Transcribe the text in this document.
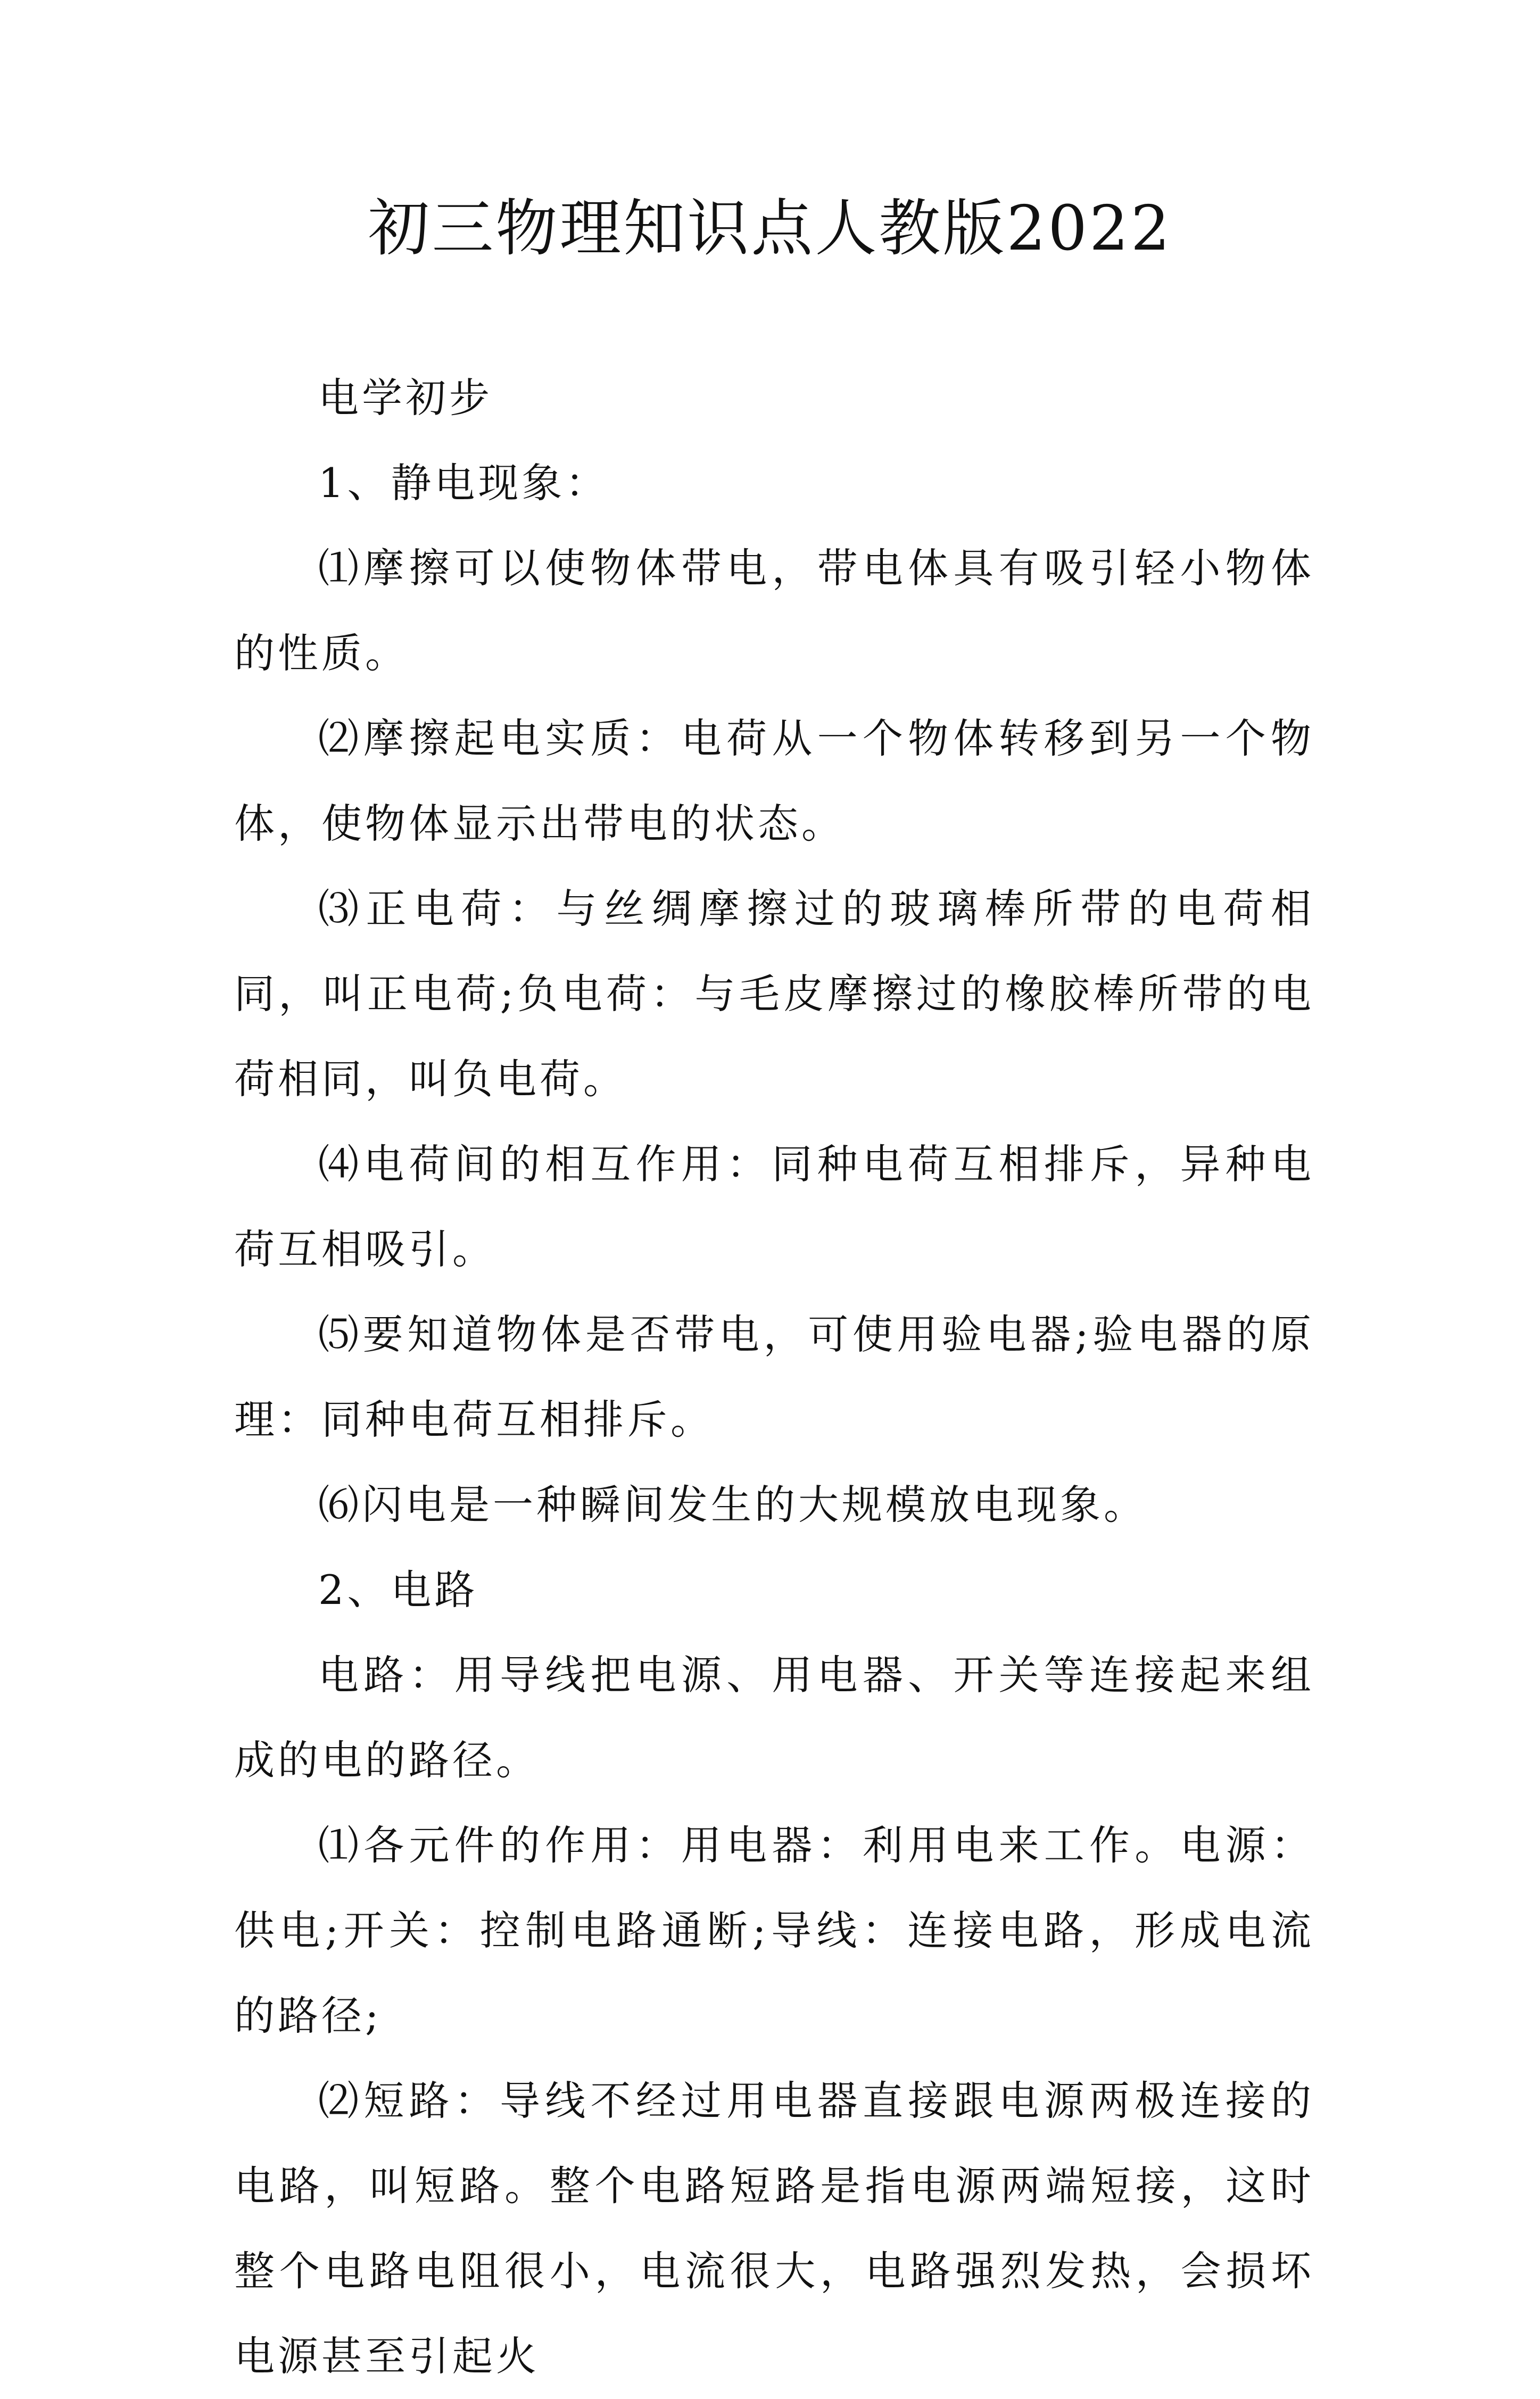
初三物理知识点人教版2022

电学初步

1、静电现象：

⑴摩擦可以使物体带电，带电体具有吸引轻小物体的性质。

⑵摩擦起电实质：电荷从一个物体转移到另一个物体，使物体显示出带电的状态。

⑶正电荷：与丝绸摩擦过的玻璃棒所带的电荷相同，叫正电荷;负电荷：与毛皮摩擦过的橡胶棒所带的电荷相同，叫负电荷。

⑷电荷间的相互作用：同种电荷互相排斥，异种电荷互相吸引。

⑸要知道物体是否带电，可使用验电器;验电器的原理：同种电荷互相排斥。

⑹闪电是一种瞬间发生的大规模放电现象。

2、电路

电路：用导线把电源、用电器、开关等连接起来组成的电的路径。

⑴各元件的作用：用电器：利用电来工作。电源：供电;开关：控制电路通断;导线：连接电路，形成电流的路径;

⑵短路：导线不经过用电器直接跟电源两极连接的电路，叫短路。整个电路短路是指电源两端短接，这时整个电路电阻很小，电流很大，电路强烈发热，会损坏电源甚至引起火
